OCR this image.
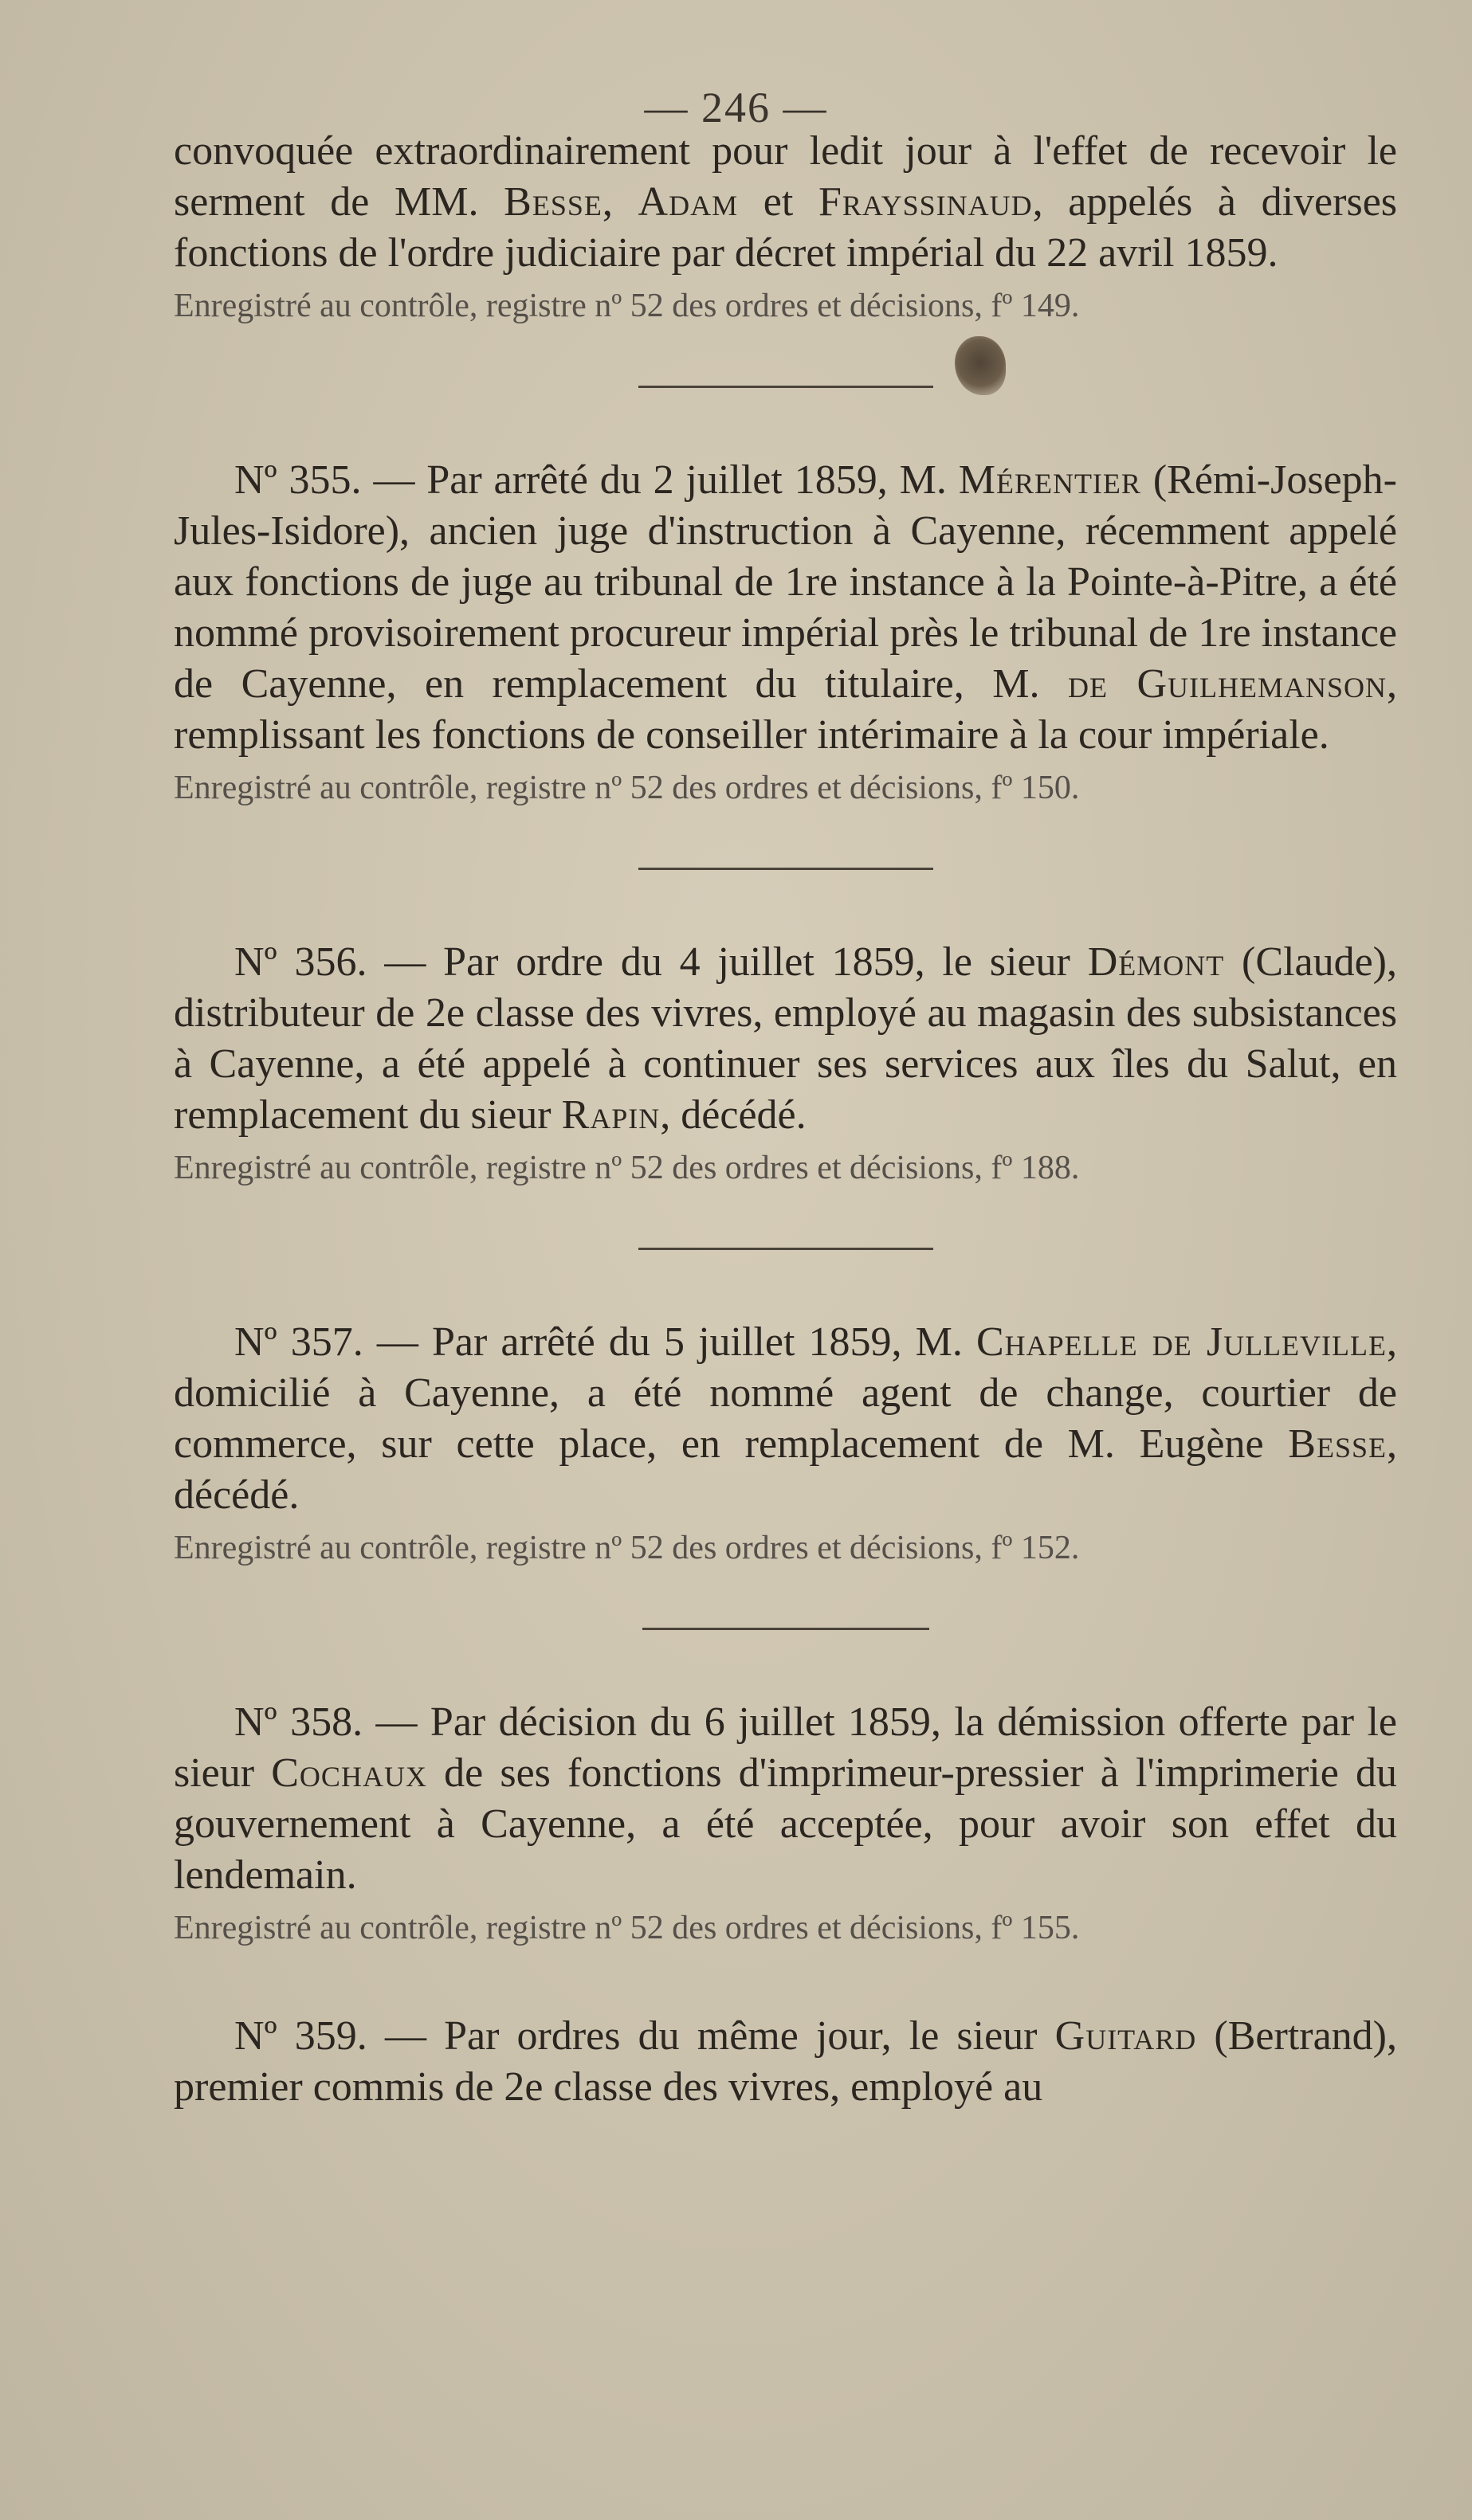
— 246 —

convoquée extraordinairement pour ledit jour à l'effet de recevoir le serment de MM. Besse, Adam et Frayssinaud, appelés à diverses fonctions de l'ordre judiciaire par décret impérial du 22 avril 1859.

Enregistré au contrôle, registre nº 52 des ordres et décisions, fº 149.

Nº 355. — Par arrêté du 2 juillet 1859, M. Mérentier (Rémi-Joseph-Jules-Isidore), ancien juge d'instruction à Cayenne, récemment appelé aux fonctions de juge au tribunal de 1re instance à la Pointe-à-Pitre, a été nommé provisoirement procureur impérial près le tribunal de 1re instance de Cayenne, en remplacement du titulaire, M. de Guilhemanson, remplissant les fonctions de conseiller intérimaire à la cour impériale.

Enregistré au contrôle, registre nº 52 des ordres et décisions, fº 150.

Nº 356. — Par ordre du 4 juillet 1859, le sieur Démont (Claude), distributeur de 2e classe des vivres, employé au magasin des subsistances à Cayenne, a été appelé à continuer ses services aux îles du Salut, en remplacement du sieur Rapin, décédé.

Enregistré au contrôle, registre nº 52 des ordres et décisions, fº 188.

Nº 357. — Par arrêté du 5 juillet 1859, M. Chapelle de Julleville, domicilié à Cayenne, a été nommé agent de change, courtier de commerce, sur cette place, en remplacement de M. Eugène Besse, décédé.

Enregistré au contrôle, registre nº 52 des ordres et décisions, fº 152.

Nº 358. — Par décision du 6 juillet 1859, la démission offerte par le sieur Cochaux de ses fonctions d'imprimeur-pressier à l'imprimerie du gouvernement à Cayenne, a été acceptée, pour avoir son effet du lendemain.

Enregistré au contrôle, registre nº 52 des ordres et décisions, fº 155.

Nº 359. — Par ordres du même jour, le sieur Guitard (Bertrand), premier commis de 2e classe des vivres, employé au
